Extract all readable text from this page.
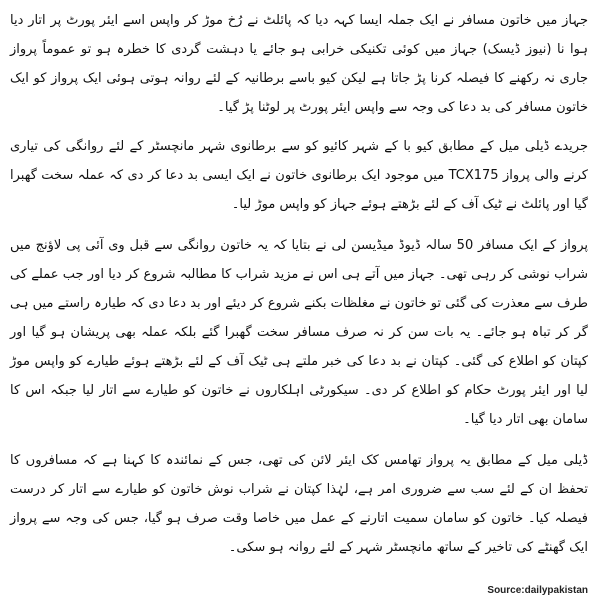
جہاز میں خاتون مسافر نے ایک جملہ ایسا کہہ دیا کہ پائلٹ نے رُخ موڑ کر واپس اسے ایئر پورٹ پر اتار دیا ہوا نا (نیوز ڈیسک) جہاز میں کوئی تکنیکی خرابی ہو جائے یا دہشت گردی کا خطرہ ہو تو عموماً پرواز جاری نہ رکھنے کا فیصلہ کرنا پڑ جاتا ہے لیکن کیو باسے برطانیہ کے لئے روانہ ہوتی ہوئی ایک پرواز کو ایک خاتون مسافر کی بد دعا کی وجہ سے واپس ایئر پورٹ پر لوٹنا پڑ گیا۔

جریدے ڈیلی میل کے مطابق کیو با کے شہر کائیو کو سے برطانوی شہر مانچسٹر کے لئے روانگی کی تیاری کرنے والی پرواز TCX175 میں موجود ایک برطانوی خاتون نے ایک ایسی بد دعا کر دی کہ عملہ سخت گھبرا گیا اور پائلٹ نے ٹیک آف کے لئے بڑھتے ہوئے جہاز کو واپس موڑ لیا۔

پرواز کے ایک مسافر 50 سالہ ڈیوڈ میڈیسن لی نے بتایا کہ یہ خاتون روانگی سے قبل وی آئی پی لاؤنج میں شراب نوشی کر رہی تھی۔ جہاز میں آتے ہی اس نے مزید شراب کا مطالبہ شروع کر دیا اور جب عملے کی طرف سے معذرت کی گئی تو خاتون نے مغلظات بکنے شروع کر دیئے اور بد دعا دی کہ طیارہ راستے میں ہی گر کر تباہ ہو جائے۔ یہ بات سن کر نہ صرف مسافر سخت گھبرا گئے بلکہ عملہ بھی پریشان ہو گیا اور کپتان کو اطلاع کی گئی۔ کپتان نے بد دعا کی خبر ملتے ہی ٹیک آف کے لئے بڑھتے ہوئے طیارے کو واپس موڑ لیا اور ایئر پورٹ حکام کو اطلاع کر دی۔ سیکورٹی اہلکاروں نے خاتون کو طیارے سے اتار لیا جبکہ اس کا سامان بھی اتار دیا گیا۔

ڈیلی میل کے مطابق یہ پرواز تھامس کک ایئر لائن کی تھی، جس کے نمائندہ کا کہنا ہے کہ مسافروں کا تحفظ ان کے لئے سب سے ضروری امر ہے، لہٰذا کپتان نے شراب نوش خاتون کو طیارے سے اتار کر درست فیصلہ کیا۔ خاتون کو سامان سمیت اتارنے کے عمل میں خاصا وقت صرف ہو گیا، جس کی وجہ سے پرواز ایک گھنٹے کی تاخیر کے ساتھ مانچسٹر شہر کے لئے روانہ ہو سکی۔

Source:dailypakistan
